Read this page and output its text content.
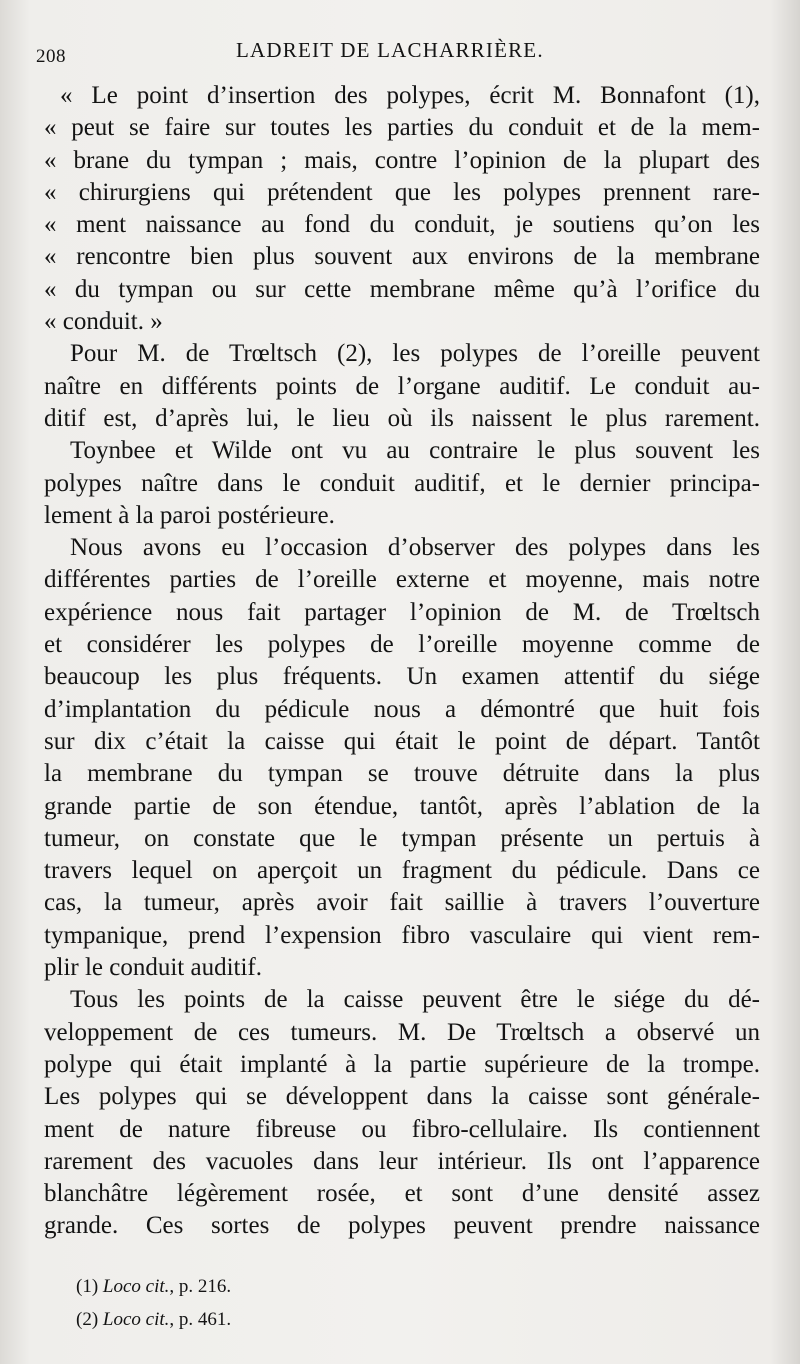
208	LADREIT DE LACHARRIÈRE.
« Le point d’insertion des polypes, écrit M. Bonnafont (1),
« peut se faire sur toutes les parties du conduit et de la mem-
« brane du tympan ; mais, contre l’opinion de la plupart des
« chirurgiens qui prétendent que les polypes prennent rare-
« ment naissance au fond du conduit, je soutiens qu’on les
« rencontre bien plus souvent aux environs de la membrane
« du tympan ou sur cette membrane même qu’à l’orifice du
« conduit. »
Pour M. de Trœltsch (2), les polypes de l’oreille peuvent
naître en différents points de l’organe auditif. Le conduit au-
ditif est, d’après lui, le lieu où ils naissent le plus rarement.
Toynbee et Wilde ont vu au contraire le plus souvent les
polypes naître dans le conduit auditif, et le dernier principa-
lement à la paroi postérieure.
Nous avons eu l’occasion d’observer des polypes dans les
différentes parties de l’oreille externe et moyenne, mais notre
expérience nous fait partager l’opinion de M. de Trœltsch
et considérer les polypes de l’oreille moyenne comme de
beaucoup les plus fréquents. Un examen attentif du siége
d’implantation du pédicule nous a démontré que huit fois
sur dix c’était la caisse qui était le point de départ. Tantôt
la membrane du tympan se trouve détruite dans la plus
grande partie de son étendue, tantôt, après l’ablation de la
tumeur, on constate que le tympan présente un pertuis à
travers lequel on aperçoit un fragment du pédicule. Dans ce
cas, la tumeur, après avoir fait saillie à travers l’ouverture
tympanique, prend l’expension fibro vasculaire qui vient rem-
plir le conduit auditif.
Tous les points de la caisse peuvent être le siége du dé-
veloppement de ces tumeurs. M. De Trœltsch a observé un
polype qui était implanté à la partie supérieure de la trompe.
Les polypes qui se développent dans la caisse sont générale-
ment de nature fibreuse ou fibro-cellulaire. Ils contiennent
rarement des vacuoles dans leur intérieur. Ils ont l’apparence
blanchâtre légèrement rosée, et sont d’une densité assez
grande. Ces sortes de polypes peuvent prendre naissance
(1) Loco cit., p. 216.
(2) Loco cit., p. 461.
